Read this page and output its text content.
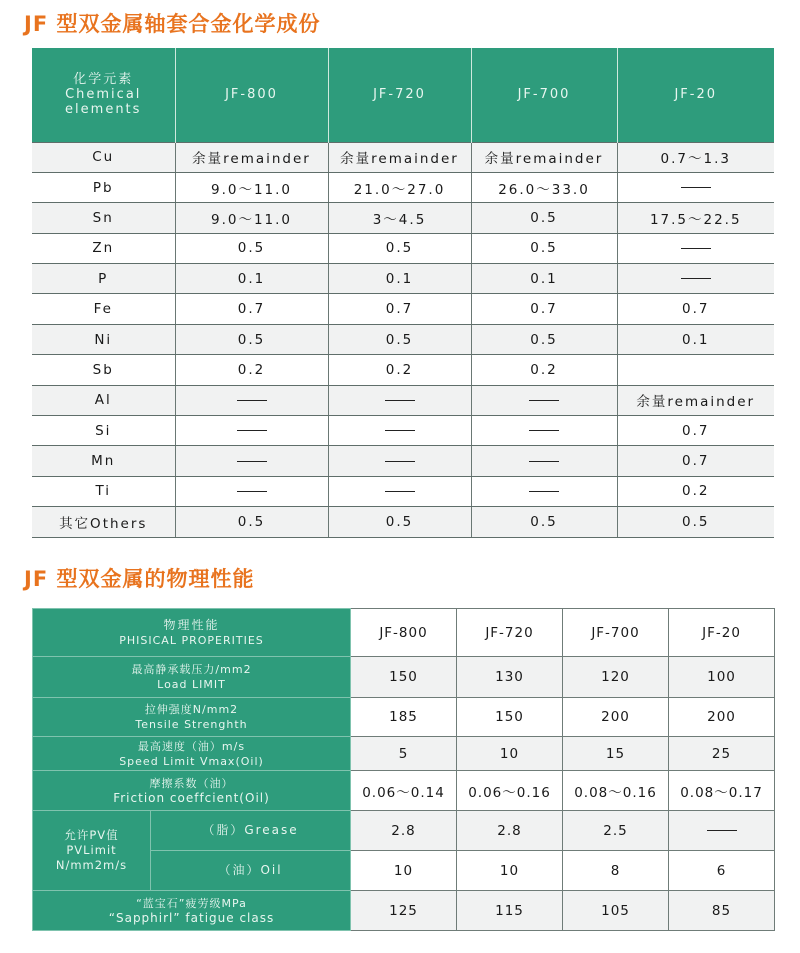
JF 型双金属轴套合金化学成份
化学元素
Chemical
elements	JF-800	JF-720	JF-700	JF-20
Cu	余量remainder	余量remainder	余量remainder	0.7～1.3
Pb	9.0～11.0	21.0～27.0	26.0～33.0	
Sn	9.0～11.0	3～4.5	0.5	17.5～22.5
Zn	0.5	0.5	0.5	
P	0.1	0.1	0.1	
Fe	0.7	0.7	0.7	0.7
Ni	0.5	0.5	0.5	0.1
Sb	0.2	0.2	0.2	
Al				余量remainder
Si				0.7
Mn				0.7
Ti				0.2
其它Others	0.5	0.5	0.5	0.5
JF 型双金属的物理性能
物理性能
PHISICAL PROPERITIES		JF-800	JF-720	JF-700	JF-20

最高静承载压力/mm2
Load LIMIT		150	130	120	100

拉伸强度N/mm2
Tensile Strenghth		185	150	200	200

最高速度（油）m/s
Speed Limit Vmax(Oil)		5	10	15	25

摩擦系数（油）
Friction coeffcient(Oil)		0.06～0.14	0.06～0.16	0.08～0.16	0.08～0.17

允许PV值
PVLimit
N/mm2m/s	（脂）Grease	2.8	2.8	2.5	
	（油）Oil	10	10	8	6

“蓝宝石”疲劳级MPa
“Sapphirl” fatigue class		125	115	105	85
